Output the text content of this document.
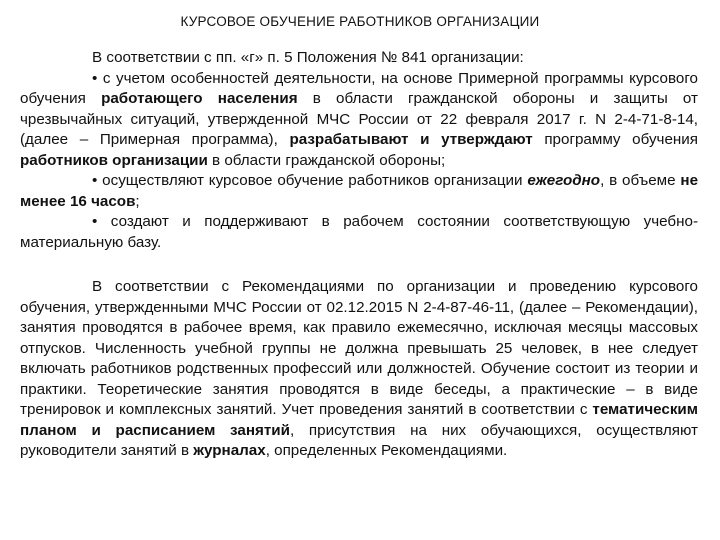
КУРСОВОЕ ОБУЧЕНИЕ РАБОТНИКОВ ОРГАНИЗАЦИИ

В соответствии с пп. «г» п. 5 Положения № 841 организации:

• с учетом особенностей деятельности, на основе Примерной программы курсового обучения работающего населения в области гражданской обороны и защиты от чрезвычайных ситуаций, утвержденной МЧС России от 22 февраля 2017 г. N 2-4-71-8-14, (далее – Примерная программа), разрабатывают и утверждают программу обучения работников организации в области гражданской обороны;

• осуществляют курсовое обучение работников организации ежегодно, в объеме не менее 16 часов;

• создают и поддерживают в рабочем состоянии соответствующую учебно-материальную базу.

В соответствии с Рекомендациями по организации и проведению курсового обучения, утвержденными МЧС России от 02.12.2015 N 2-4-87-46-11, (далее – Рекомендации), занятия проводятся в рабочее время, как правило ежемесячно, исключая месяцы массовых отпусков. Численность учебной группы не должна превышать 25 человек, в нее следует включать работников родственных профессий или должностей. Обучение состоит из теории и практики. Теоретические занятия проводятся в виде беседы, а практические – в виде тренировок и комплексных занятий. Учет проведения занятий в соответствии с тематическим планом и расписанием занятий, присутствия на них обучающихся, осуществляют руководители занятий в журналах, определенных Рекомендациями.
